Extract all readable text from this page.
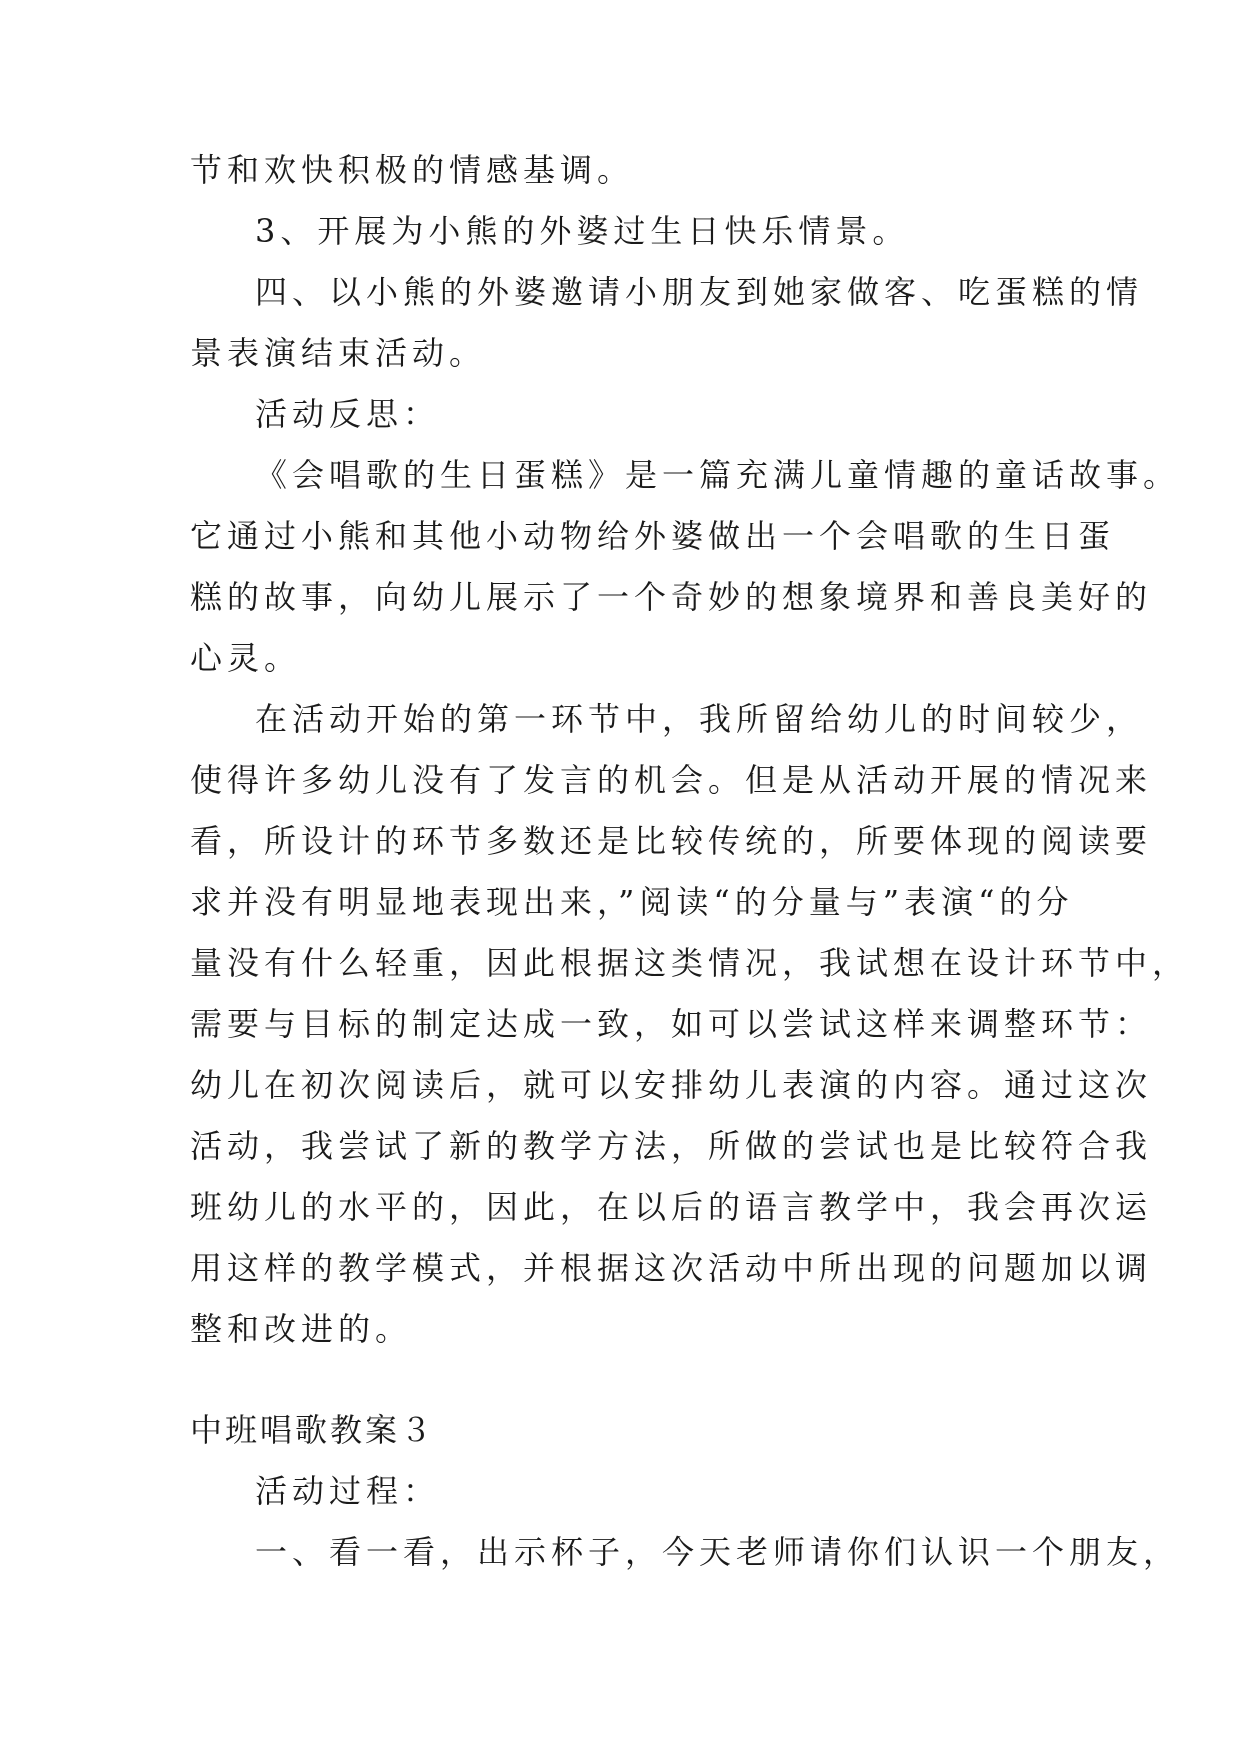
节和欢快积极的情感基调。
3、开展为小熊的外婆过生日快乐情景。
四、以小熊的外婆邀请小朋友到她家做客、吃蛋糕的情
景表演结束活动。
活动反思：
《会唱歌的生日蛋糕》是一篇充满儿童情趣的童话故事。
它通过小熊和其他小动物给外婆做出一个会唱歌的生日蛋
糕的故事，向幼儿展示了一个奇妙的想象境界和善良美好的
心灵。
在活动开始的第一环节中，我所留给幼儿的时间较少，
使得许多幼儿没有了发言的机会。但是从活动开展的情况来
看，所设计的环节多数还是比较传统的，所要体现的阅读要
求并没有明显地表现出来，”阅读“的分量与”表演“的分
量没有什么轻重，因此根据这类情况，我试想在设计环节中，
需要与目标的制定达成一致，如可以尝试这样来调整环节：
幼儿在初次阅读后，就可以安排幼儿表演的内容。通过这次
活动，我尝试了新的教学方法，所做的尝试也是比较符合我
班幼儿的水平的，因此，在以后的语言教学中，我会再次运
用这样的教学模式，并根据这次活动中所出现的问题加以调
整和改进的。
中班唱歌教案３
活动过程：
一、看一看，出示杯子，今天老师请你们认识一个朋友，
